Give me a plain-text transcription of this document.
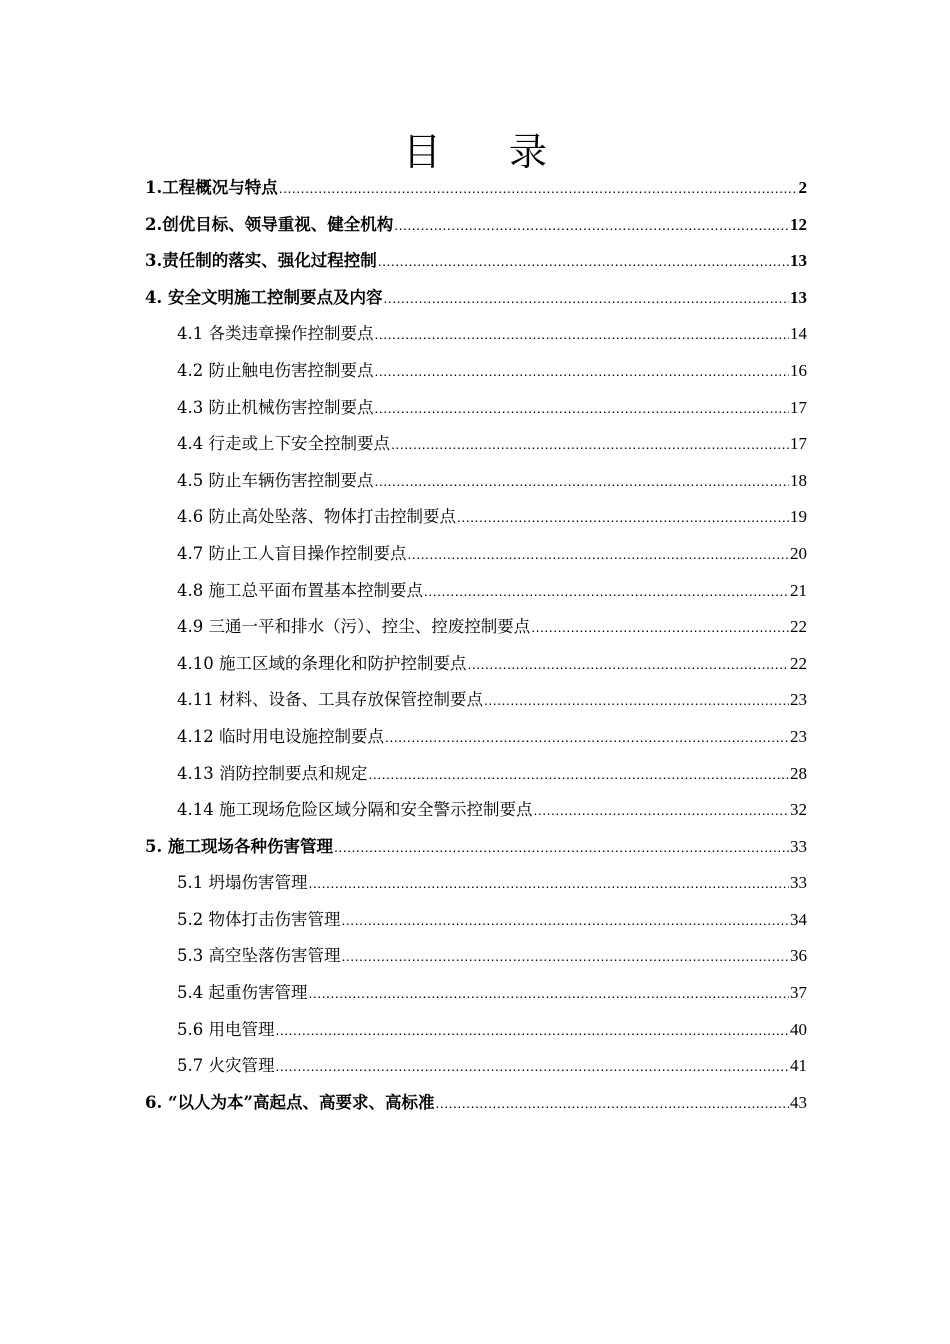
目 录
1.工程概况与特点 .....	2
2.创优目标、领导重视、健全机构 .....	12
3.责任制的落实、强化过程控制 .....	13
4. 安全文明施工控制要点及内容 .....	13
4.1 各类违章操作控制要点 .....	14
4.2 防止触电伤害控制要点 .....	16
4.3 防止机械伤害控制要点 .....	17
4.4 行走或上下安全控制要点 .....	17
4.5 防止车辆伤害控制要点 .....	18
4.6 防止高处坠落、物体打击控制要点 .....	19
4.7 防止工人盲目操作控制要点 .....	20
4.8 施工总平面布置基本控制要点 .....	21
4.9 三通一平和排水（污）、控尘、控废控制要点 .....	22
4.10 施工区域的条理化和防护控制要点 .....	22
4.11 材料、设备、工具存放保管控制要点 .....	23
4.12 临时用电设施控制要点 .....	23
4.13 消防控制要点和规定 .....	28
4.14 施工现场危险区域分隔和安全警示控制要点 .....	32
5. 施工现场各种伤害管理 .....	33
5.1 坍塌伤害管理 .....	33
5.2 物体打击伤害管理 .....	34
5.3 高空坠落伤害管理 .....	36
5.4 起重伤害管理 .....	37
5.6 用电管理 .....	40
5.7 火灾管理 .....	41
6. “以人为本”高起点、高要求、高标准 .....	43
